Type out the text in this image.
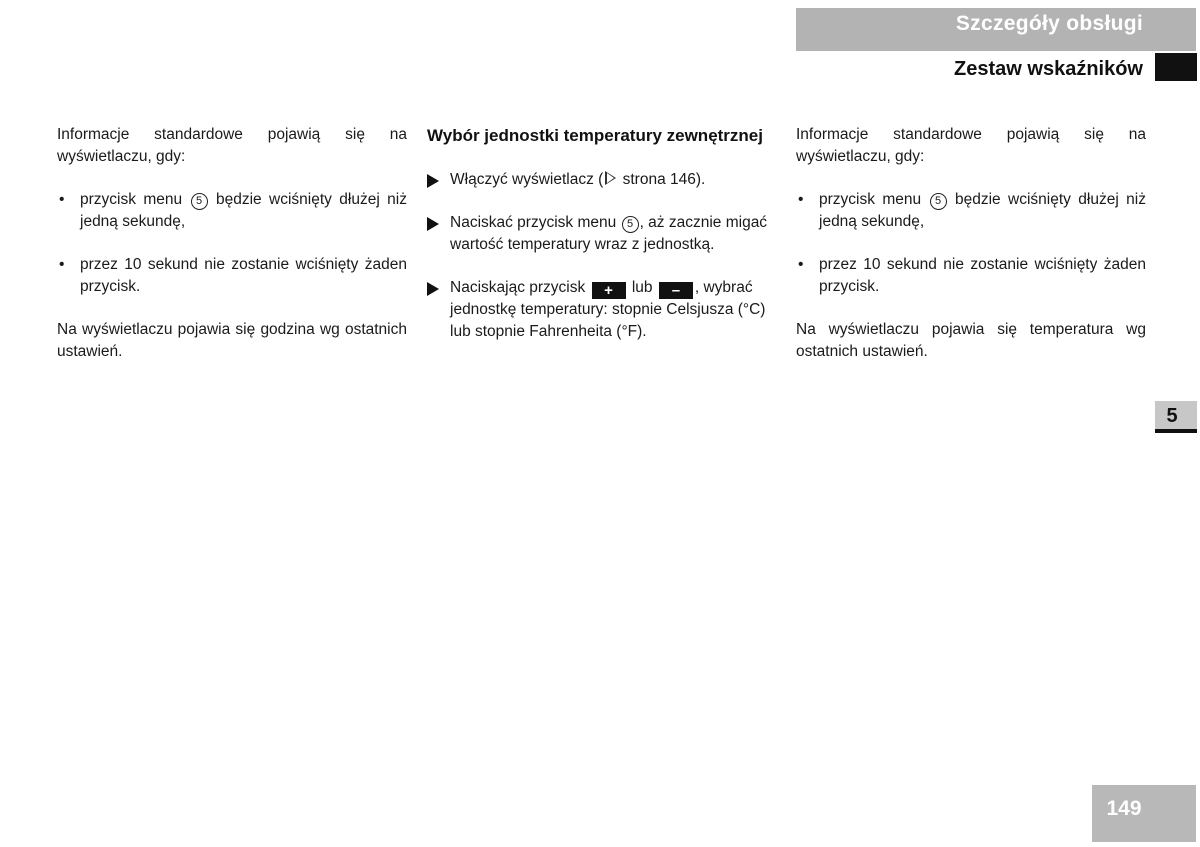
Szczegóły obsługi
Zestaw wskaźników
5

Informacje standardowe pojawią się na wyświetlaczu, gdy:

• przycisk menu 5 będzie wciśnięty dłużej niż jedną sekundę,

• przez 10 sekund nie zostanie wciśnięty żaden przycisk.

Na wyświetlaczu pojawia się godzina wg ostatnich ustawień.

Wybór jednostki temperatury zewnętrznej

Włączyć wyświetlacz ( strona 146).

Naciskać przycisk menu 5 , aż zacznie migać wartość temperatury wraz z jednostką.

Naciskając przycisk + lub – , wybrać jednostkę temperatury: stopnie Celsjusza (°C) lub stopnie Fahrenheita (°F).

Informacje standardowe pojawią się na wyświetlaczu, gdy:

• przycisk menu 5 będzie wciśnięty dłużej niż jedną sekundę,

• przez 10 sekund nie zostanie wciśnięty żaden przycisk.

Na wyświetlaczu pojawia się temperatura wg ostatnich ustawień.

149
